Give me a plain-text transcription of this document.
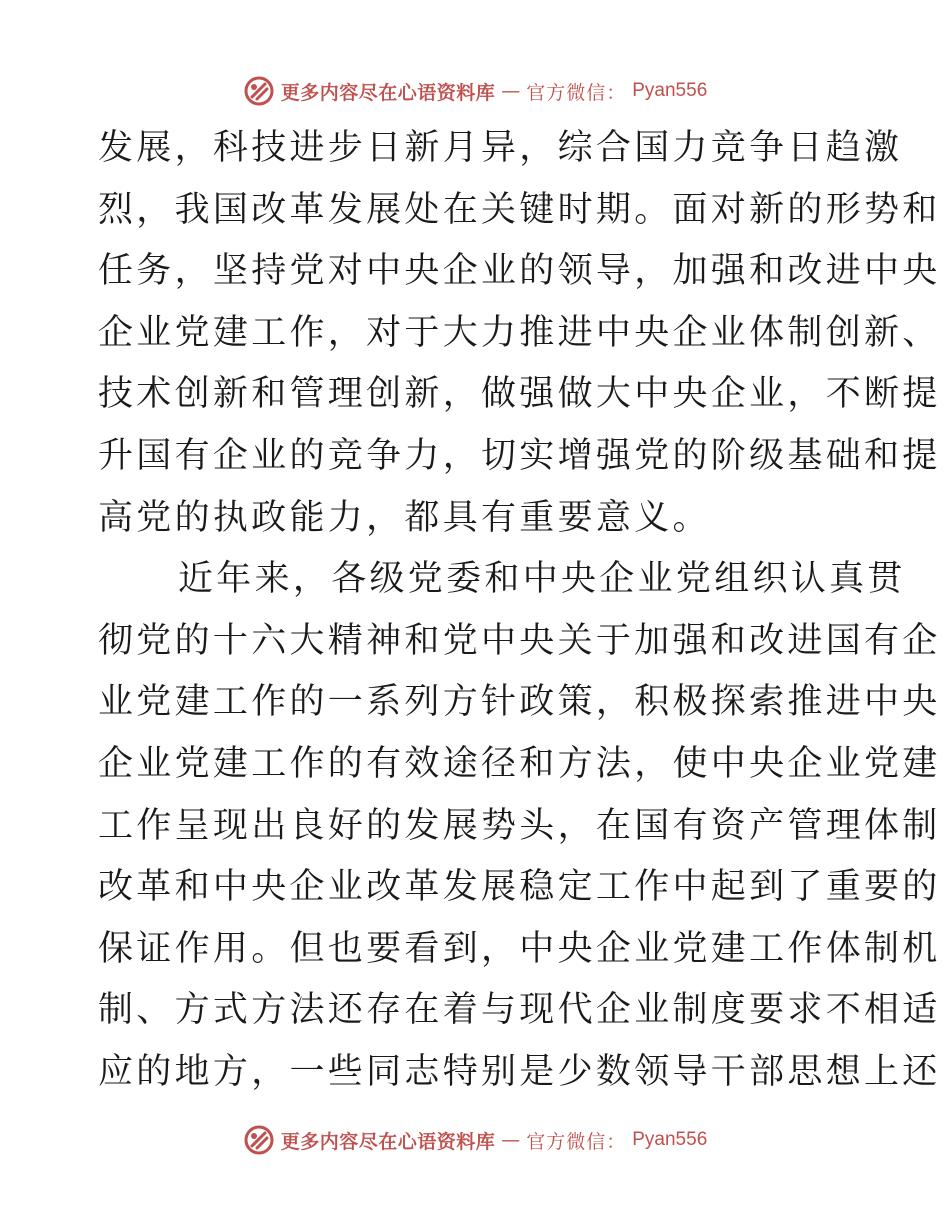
更多内容尽在心语资料库 — 官方微信： Pyan556
发展，科技进步日新月异，综合国力竞争日趋激
烈，我国改革发展处在关键时期。面对新的形势和
任务，坚持党对中央企业的领导，加强和改进中央
企业党建工作，对于大力推进中央企业体制创新、
技术创新和管理创新，做强做大中央企业，不断提
升国有企业的竞争力，切实增强党的阶级基础和提
高党的执政能力，都具有重要意义。
近年来，各级党委和中央企业党组织认真贯
彻党的十六大精神和党中央关于加强和改进国有企
业党建工作的一系列方针政策，积极探索推进中央
企业党建工作的有效途径和方法，使中央企业党建
工作呈现出良好的发展势头，在国有资产管理体制
改革和中央企业改革发展稳定工作中起到了重要的
保证作用。但也要看到，中央企业党建工作体制机
制、方式方法还存在着与现代企业制度要求不相适
应的地方，一些同志特别是少数领导干部思想上还
更多内容尽在心语资料库 — 官方微信： Pyan556
